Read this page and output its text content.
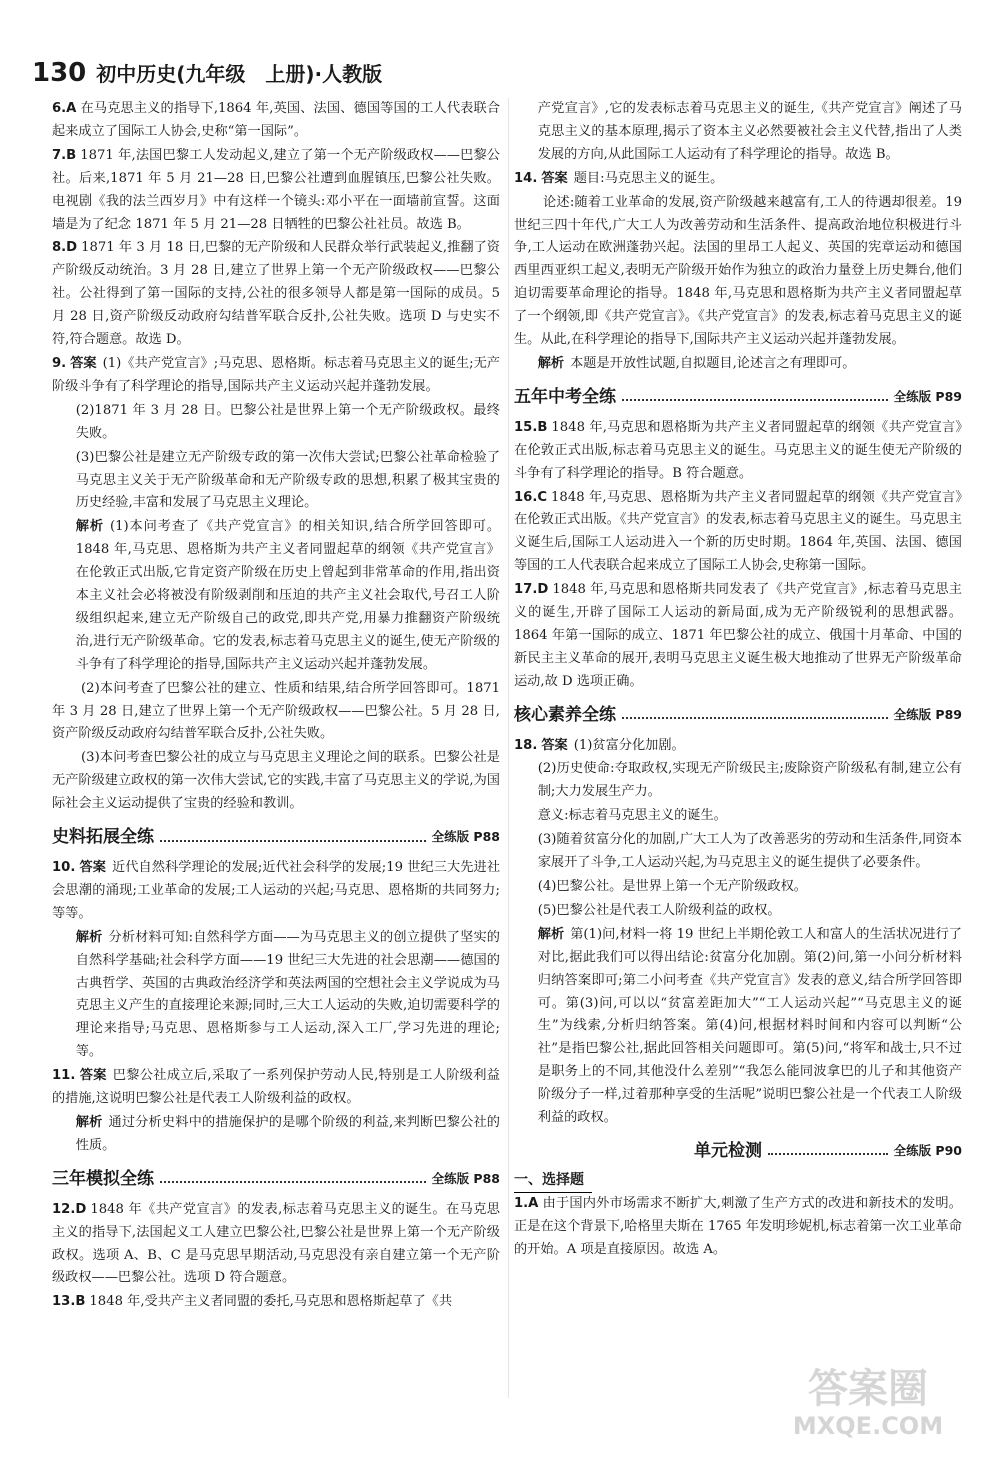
130 初中历史(九年级　上册)·人教版

6.A 在马克思主义的指导下,1864 年,英国、法国、德国等国的工人代表联合起来成立了国际工人协会,史称“第一国际”。

7.B 1871 年,法国巴黎工人发动起义,建立了第一个无产阶级政权——巴黎公社。后来,1871 年 5 月 21—28 日,巴黎公社遭到血腥镇压,巴黎公社失败。电视剧《我的法兰西岁月》中有这样一个镜头:邓小平在一面墙前宣誓。这面墙是为了纪念 1871 年 5 月 21—28 日牺牲的巴黎公社社员。故选 B。

8.D 1871 年 3 月 18 日,巴黎的无产阶级和人民群众举行武装起义,推翻了资产阶级反动统治。3 月 28 日,建立了世界上第一个无产阶级政权——巴黎公社。公社得到了第一国际的支持,公社的很多领导人都是第一国际的成员。5 月 28 日,资产阶级反动政府勾结普军联合反扑,公社失败。选项 D 与史实不符,符合题意。故选 D。

9. 答案 (1)《共产党宣言》;马克思、恩格斯。标志着马克思主义的诞生;无产阶级斗争有了科学理论的指导,国际共产主义运动兴起并蓬勃发展。

(2)1871 年 3 月 28 日。巴黎公社是世界上第一个无产阶级政权。最终失败。

(3)巴黎公社是建立无产阶级专政的第一次伟大尝试;巴黎公社革命检验了马克思主义关于无产阶级革命和无产阶级专政的思想,积累了极其宝贵的历史经验,丰富和发展了马克思主义理论。

解析 (1)本问考查了《共产党宣言》的相关知识,结合所学回答即可。1848 年,马克思、恩格斯为共产主义者同盟起草的纲领《共产党宣言》在伦敦正式出版,它肯定资产阶级在历史上曾起到非常革命的作用,指出资本主义社会必将被没有阶级剥削和压迫的共产主义社会取代,号召工人阶级组织起来,建立无产阶级自己的政党,即共产党,用暴力推翻资产阶级统治,进行无产阶级革命。它的发表,标志着马克思主义的诞生,使无产阶级的斗争有了科学理论的指导,国际共产主义运动兴起并蓬勃发展。

(2)本问考查了巴黎公社的建立、性质和结果,结合所学回答即可。1871 年 3 月 28 日,建立了世界上第一个无产阶级政权——巴黎公社。5 月 28 日,资产阶级反动政府勾结普军联合反扑,公社失败。

(3)本问考查巴黎公社的成立与马克思主义理论之间的联系。巴黎公社是无产阶级建立政权的第一次伟大尝试,它的实践,丰富了马克思主义的学说,为国际社会主义运动提供了宝贵的经验和教训。

史料拓展全练	全练版 P88

10. 答案 近代自然科学理论的发展;近代社会科学的发展;19 世纪三大先进社会思潮的涌现;工业革命的发展;工人运动的兴起;马克思、恩格斯的共同努力;等等。

解析 分析材料可知:自然科学方面——为马克思主义的创立提供了坚实的自然科学基础;社会科学方面——19 世纪三大先进的社会思潮——德国的古典哲学、英国的古典政治经济学和英法两国的空想社会主义学说成为马克思主义产生的直接理论来源;同时,三大工人运动的失败,迫切需要科学的理论来指导;马克思、恩格斯参与工人运动,深入工厂,学习先进的理论;等。

11. 答案 巴黎公社成立后,采取了一系列保护劳动人民,特别是工人阶级利益的措施,这说明巴黎公社是代表工人阶级利益的政权。

解析 通过分析史料中的措施保护的是哪个阶级的利益,来判断巴黎公社的性质。

三年模拟全练	全练版 P88

12.D 1848 年《共产党宣言》的发表,标志着马克思主义的诞生。在马克思主义的指导下,法国起义工人建立巴黎公社,巴黎公社是世界上第一个无产阶级政权。选项 A、B、C 是马克思早期活动,马克思没有亲自建立第一个无产阶级政权——巴黎公社。选项 D 符合题意。

13.B 1848 年,受共产主义者同盟的委托,马克思和恩格斯起草了《共

产党宣言》,它的发表标志着马克思主义的诞生,《共产党宣言》阐述了马克思主义的基本原理,揭示了资本主义必然要被社会主义代替,指出了人类发展的方向,从此国际工人运动有了科学理论的指导。故选 B。

14. 答案 题目:马克思主义的诞生。

论述:随着工业革命的发展,资产阶级越来越富有,工人的待遇却很差。19 世纪三四十年代,广大工人为改善劳动和生活条件、提高政治地位积极进行斗争,工人运动在欧洲蓬勃兴起。法国的里昂工人起义、英国的宪章运动和德国西里西亚织工起义,表明无产阶级开始作为独立的政治力量登上历史舞台,他们迫切需要革命理论的指导。1848 年,马克思和恩格斯为共产主义者同盟起草了一个纲领,即《共产党宣言》。《共产党宣言》的发表,标志着马克思主义的诞生。从此,在科学理论的指导下,国际共产主义运动兴起并蓬勃发展。

解析 本题是开放性试题,自拟题目,论述言之有理即可。

五年中考全练	全练版 P89

15.B 1848 年,马克思和恩格斯为共产主义者同盟起草的纲领《共产党宣言》在伦敦正式出版,标志着马克思主义的诞生。马克思主义的诞生使无产阶级的斗争有了科学理论的指导。B 符合题意。

16.C 1848 年,马克思、恩格斯为共产主义者同盟起草的纲领《共产党宣言》在伦敦正式出版。《共产党宣言》的发表,标志着马克思主义的诞生。马克思主义诞生后,国际工人运动进入一个新的历史时期。1864 年,英国、法国、德国等国的工人代表联合起来成立了国际工人协会,史称第一国际。

17.D 1848 年,马克思和恩格斯共同发表了《共产党宣言》,标志着马克思主义的诞生,开辟了国际工人运动的新局面,成为无产阶级锐利的思想武器。1864 年第一国际的成立、1871 年巴黎公社的成立、俄国十月革命、中国的新民主主义革命的展开,表明马克思主义诞生极大地推动了世界无产阶级革命运动,故 D 选项正确。

核心素养全练	全练版 P89

18. 答案 (1)贫富分化加剧。

(2)历史使命:夺取政权,实现无产阶级民主;废除资产阶级私有制,建立公有制;大力发展生产力。

意义:标志着马克思主义的诞生。

(3)随着贫富分化的加剧,广大工人为了改善恶劣的劳动和生活条件,同资本家展开了斗争,工人运动兴起,为马克思主义的诞生提供了必要条件。

(4)巴黎公社。是世界上第一个无产阶级政权。

(5)巴黎公社是代表工人阶级利益的政权。

解析 第(1)问,材料一将 19 世纪上半期伦敦工人和富人的生活状况进行了对比,据此我们可以得出结论:贫富分化加剧。第(2)问,第一小问分析材料归纳答案即可;第二小问考查《共产党宣言》发表的意义,结合所学回答即可。第(3)问,可以以“贫富差距加大”“工人运动兴起”“马克思主义的诞生”为线索,分析归纳答案。第(4)问,根据材料时间和内容可以判断“公社”是指巴黎公社,据此回答相关问题即可。第(5)问,“将军和战士,只不过是职务上的不同,其他没什么差别”“我怎么能同波拿巴的儿子和其他资产阶级分子一样,过着那种享受的生活呢”说明巴黎公社是一个代表工人阶级利益的政权。

单元检测	全练版 P90
一、选择题

1.A 由于国内外市场需求不断扩大,刺激了生产方式的改进和新技术的发明。正是在这个背景下,哈格里夫斯在 1765 年发明珍妮机,标志着第一次工业革命的开始。A 项是直接原因。故选 A。

答案圈
MXQE.COM
